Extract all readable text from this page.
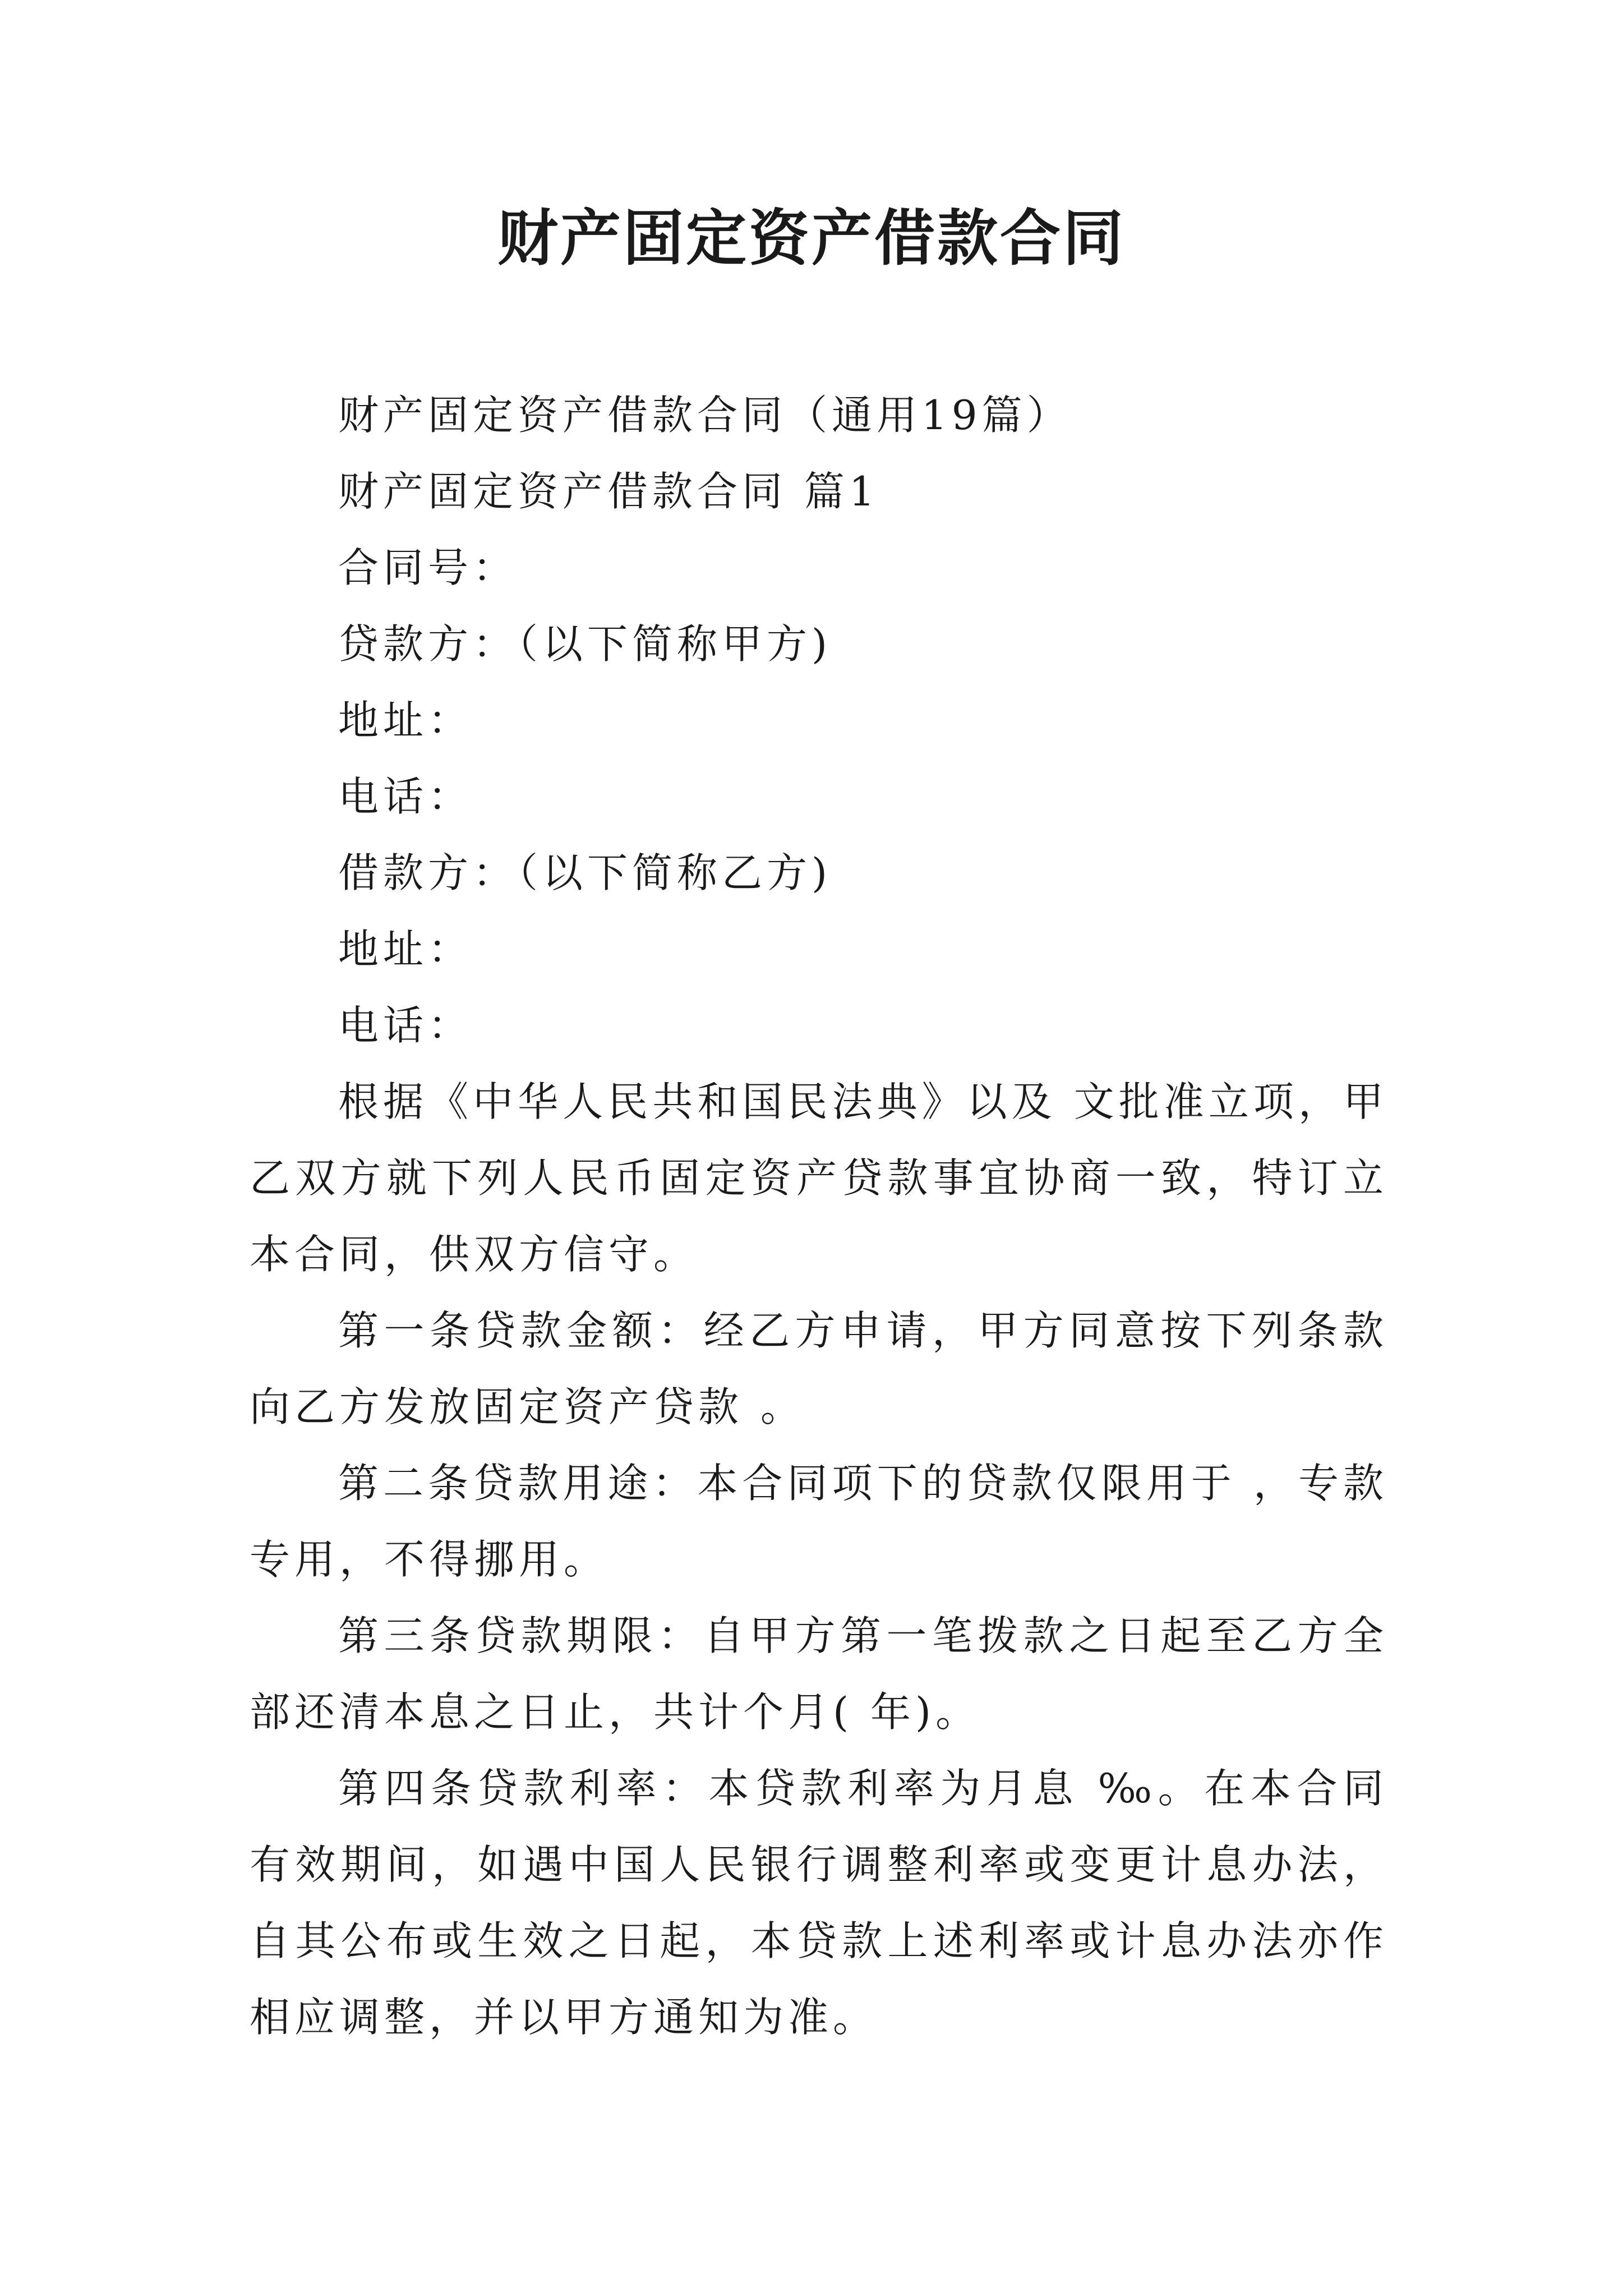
财产固定资产借款合同

财产固定资产借款合同（通用19篇）

财产固定资产借款合同 篇1

合同号：

贷款方：（以下简称甲方)

地址：

电话：

借款方：（以下简称乙方)

地址：

电话：

根据《中华人民共和国民法典》以及 文批准立项，甲乙双方就下列人民币固定资产贷款事宜协商一致，特订立本合同，供双方信守。

第一条贷款金额：经乙方申请，甲方同意按下列条款向乙方发放固定资产贷款 。

第二条贷款用途：本合同项下的贷款仅限用于 ，专款专用，不得挪用。

第三条贷款期限：自甲方第一笔拨款之日起至乙方全部还清本息之日止，共计个月( 年)。

第四条贷款利率：本贷款利率为月息 ‰。在本合同有效期间，如遇中国人民银行调整利率或变更计息办法，自其公布或生效之日起，本贷款上述利率或计息办法亦作相应调整，并以甲方通知为准。
